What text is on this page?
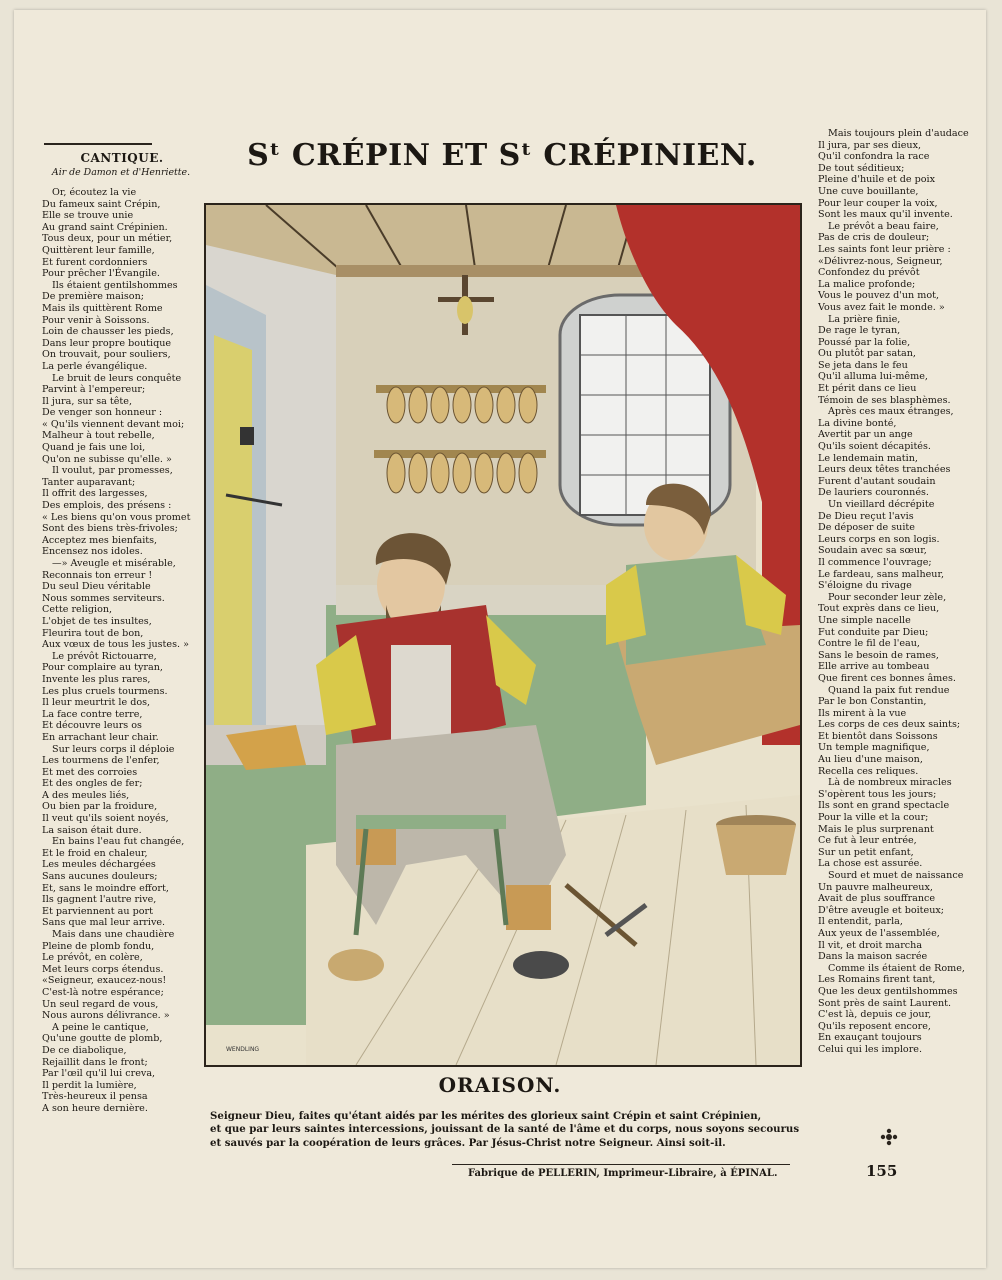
CANTIQUE.
Air de Damon et d'Henriette.	Sᵗ CRÉPIN ET Sᵗ CRÉPINIEN.
Or, écoutez la vie
Du fameux saint Crépin,
Elle se trouve unie
Au grand saint Crépinien.
Tous deux, pour un métier,
Quittèrent leur famille,
Et furent cordonniers
Pour prêcher l'Évangile.
Ils étaient gentilshommes
De première maison;
Mais ils quittèrent Rome
Pour venir à Soissons.
Loin de chausser les pieds,
Dans leur propre boutique
On trouvait, pour souliers,
La perle évangélique.
Le bruit de leurs conquête
Parvint à l'empereur;
Il jura, sur sa tête,
De venger son honneur :
« Qu'ils viennent devant moi;
Malheur à tout rebelle,
Quand je fais une loi,
Qu'on ne subisse qu'elle. »
Il voulut, par promesses,
Tanter auparavant;
Il offrit des largesses,
Des emplois, des présens :
« Les biens qu'on vous promet
Sont des biens très-frivoles;
Acceptez mes bienfaits,
Encensez nos idoles.
—» Aveugle et misérable,
Reconnais ton erreur !
Du seul Dieu véritable
Nous sommes serviteurs.
Cette religion,
L'objet de tes insultes,
Fleurira tout de bon,
Aux vœux de tous les justes. »
Le prévôt Rictouarre,
Pour complaire au tyran,
Invente les plus rares,
Les plus cruels tourmens.
Il leur meurtrit le dos,
La face contre terre,
Et découvre leurs os
En arrachant leur chair.
Sur leurs corps il déploie
Les tourmens de l'enfer,
Et met des corroies
Et des ongles de fer;
A des meules liés,
Ou bien par la froidure,
Il veut qu'ils soient noyés,
La saison était dure.
En bains l'eau fut changée,
Et le froid en chaleur,
Les meules déchargées
Sans aucunes douleurs;
Et, sans le moindre effort,
Ils gagnent l'autre rive,
Et parviennent au port
Sans que mal leur arrive.
Mais dans une chaudière
Pleine de plomb fondu,
Le prévôt, en colère,
Met leurs corps étendus.
«Seigneur, exaucez-nous!
C'est-là notre espérance;
Un seul regard de vous,
Nous aurons délivrance. »
A peine le cantique,
Qu'une goutte de plomb,
De ce diabolique,
Rejaillit dans le front;
Par l'œil qu'il lui creva,
Il perdit la lumière,
Très-heureux il pensa
A son heure dernière.
Mais toujours plein d'audace
Il jura, par ses dieux,
Qu'il confondra la race
De tout séditieux;
Pleine d'huile et de poix
Une cuve bouillante,
Pour leur couper la voix,
Sont les maux qu'il invente.
Le prévôt a beau faire,
Pas de cris de douleur;
Les saints font leur prière :
«Délivrez-nous, Seigneur,
Confondez du prévôt
La malice profonde;
Vous le pouvez d'un mot,
Vous avez fait le monde. »
La prière finie,
De rage le tyran,
Poussé par la folie,
Ou plutôt par satan,
Se jeta dans le feu
Qu'il alluma lui-même,
Et périt dans ce lieu
Témoin de ses blasphèmes.
Après ces maux étranges,
La divine bonté,
Avertit par un ange
Qu'ils soient décapités.
Le lendemain matin,
Leurs deux têtes tranchées
Furent d'autant soudain
De lauriers couronnés.
Un vieillard décrépite
De Dieu reçut l'avis
De déposer de suite
Leurs corps en son logis.
Soudain avec sa sœur,
Il commence l'ouvrage;
Le fardeau, sans malheur,
S'éloigne du rivage
Pour seconder leur zèle,
Tout exprès dans ce lieu,
Une simple nacelle
Fut conduite par Dieu;
Contre le fil de l'eau,
Sans le besoin de rames,
Elle arrive au tombeau
Que firent ces bonnes âmes.
Quand la paix fut rendue
Par le bon Constantin,
Ils mirent à la vue
Les corps de ces deux saints;
Et bientôt dans Soissons
Un temple magnifique,
Au lieu d'une maison,
Recella ces reliques.
Là de nombreux miracles
S'opèrent tous les jours;
Ils sont en grand spectacle
Pour la ville et la cour;
Mais le plus surprenant
Ce fut à leur entrée,
Sur un petit enfant,
La chose est assurée.
Sourd et muet de naissance
Un pauvre malheureux,
Avait de plus souffrance
D'être aveugle et boiteux;
Il entendit, parla,
Aux yeux de l'assemblée,
Il vit, et droit marcha
Dans la maison sacrée
Comme ils étaient de Rome,
Les Romains firent tant,
Que les deux gentilshommes
Sont près de saint Laurent.
C'est là, depuis ce jour,
Qu'ils reposent encore,
En exauçant toujours
Celui qui les implore.
WENDLING
ORAISON.
Seigneur Dieu, faites qu'étant aidés par les mérites des glorieux saint Crépin et saint Crépinien,
et que par leurs saintes intercessions, jouissant de la santé de l'âme et du corps, nous soyons secourus
et sauvés par la coopération de leurs grâces. Par Jésus-Christ notre Seigneur. Ainsi soit-il.
Fabrique de PELLERIN, Imprimeur-Libraire, à ÉPINAL.	155
